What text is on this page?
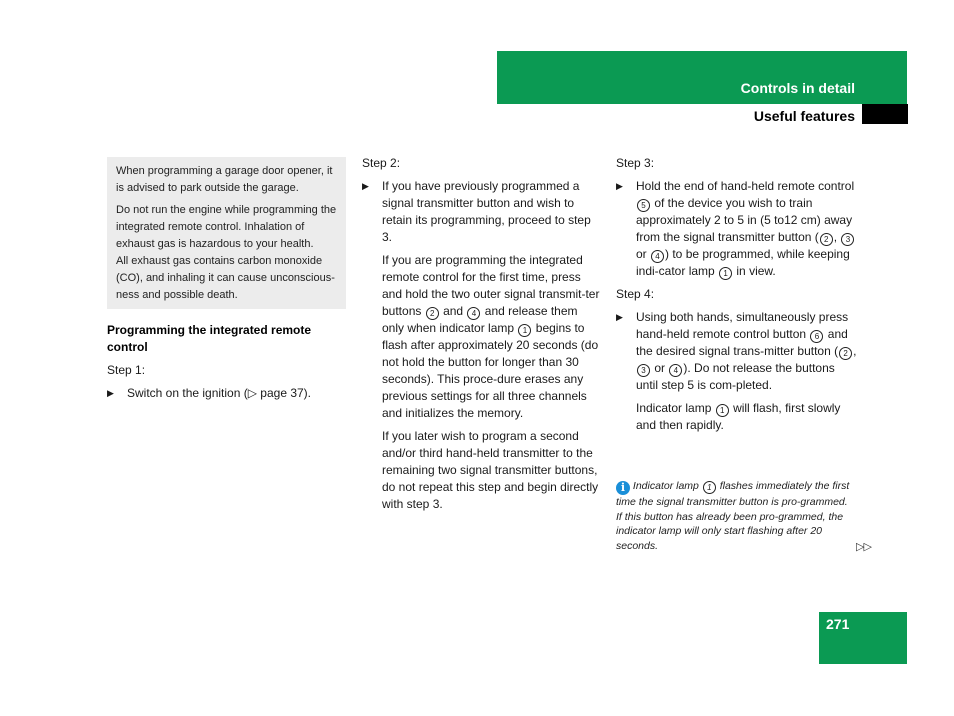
Controls in detail
Useful features

When programming a garage door opener, it is advised to park outside the garage.

Do not run the engine while programming the integrated remote control. Inhalation of exhaust gas is hazardous to your health.

All exhaust gas contains carbon monoxide (CO), and inhaling it can cause unconscious-ness and possible death.

Programming the integrated remote control

Step 1:

▶ Switch on the ignition (▷ page 37).

Step 2:

▶ If you have previously programmed a signal transmitter button and wish to retain its programming, proceed to step 3.

If you are programming the integrated remote control for the first time, press and hold the two outer signal transmit-ter buttons 2 and 4 and release them only when indicator lamp 1 begins to flash after approximately 20 seconds (do not hold the button for longer than 30 seconds). This proce-dure erases any previous settings for all three channels and initializes the memory.

If you later wish to program a second and/or third hand-held transmitter to the remaining two signal transmitter buttons, do not repeat this step and begin directly with step 3.

Step 3:

▶ Hold the end of hand-held remote control 5 of the device you wish to train approximately 2 to 5 in (5 to12 cm) away from the signal transmitter button ( 2 , 3 or 4 ) to be programmed, while keeping indi-cator lamp 1 in view.

Step 4:

▶ Using both hands, simultaneously press hand-held remote control button 6 and the desired signal trans-mitter button ( 2 , 3 or 4 ). Do not release the buttons until step 5 is com-pleted.

Indicator lamp 1 will flash, first slowly and then rapidly.

i Indicator lamp 1 flashes immediately the first time the signal transmitter button is pro-grammed. If this button has already been pro-grammed, the indicator lamp will only start flashing after 20 seconds.	▷▷
271
